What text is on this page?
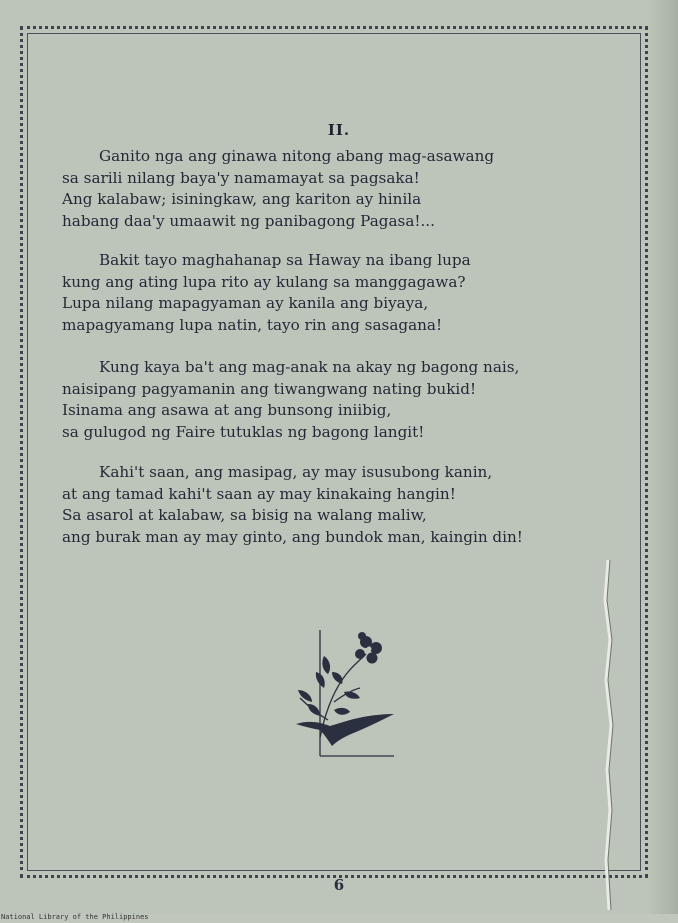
II.
Ganito nga ang ginawa nitong abang mag-asawang
sa sarili nilang baya'y namamayat sa pagsaka!
Ang kalabaw; isiningkaw, ang kariton ay hinila
habang daa'y umaawit ng panibagong Pagasa!...
Bakit tayo maghahanap sa Haway na ibang lupa
kung ang ating lupa rito ay kulang sa manggagawa?
Lupa nilang mapagyaman ay kanila ang biyaya,
mapagyamang lupa natin, tayo rin ang sasagana!
Kung kaya ba't ang mag-anak na akay ng bagong nais,
naisipang pagyamanin ang tiwangwang nating bukid!
Isinama ang asawa at ang bunsong iniibig,
sa gulugod ng Faire tutuklas ng bagong langit!
Kahi't saan, ang masipag, ay may isusubong kanin,
at ang tamad kahi't saan ay may kinakaing hangin!
Sa asarol at kalabaw, sa bisig na walang maliw,
ang burak man ay may ginto, ang bundok man, kaingin din!
6
National Library of the Philippines
